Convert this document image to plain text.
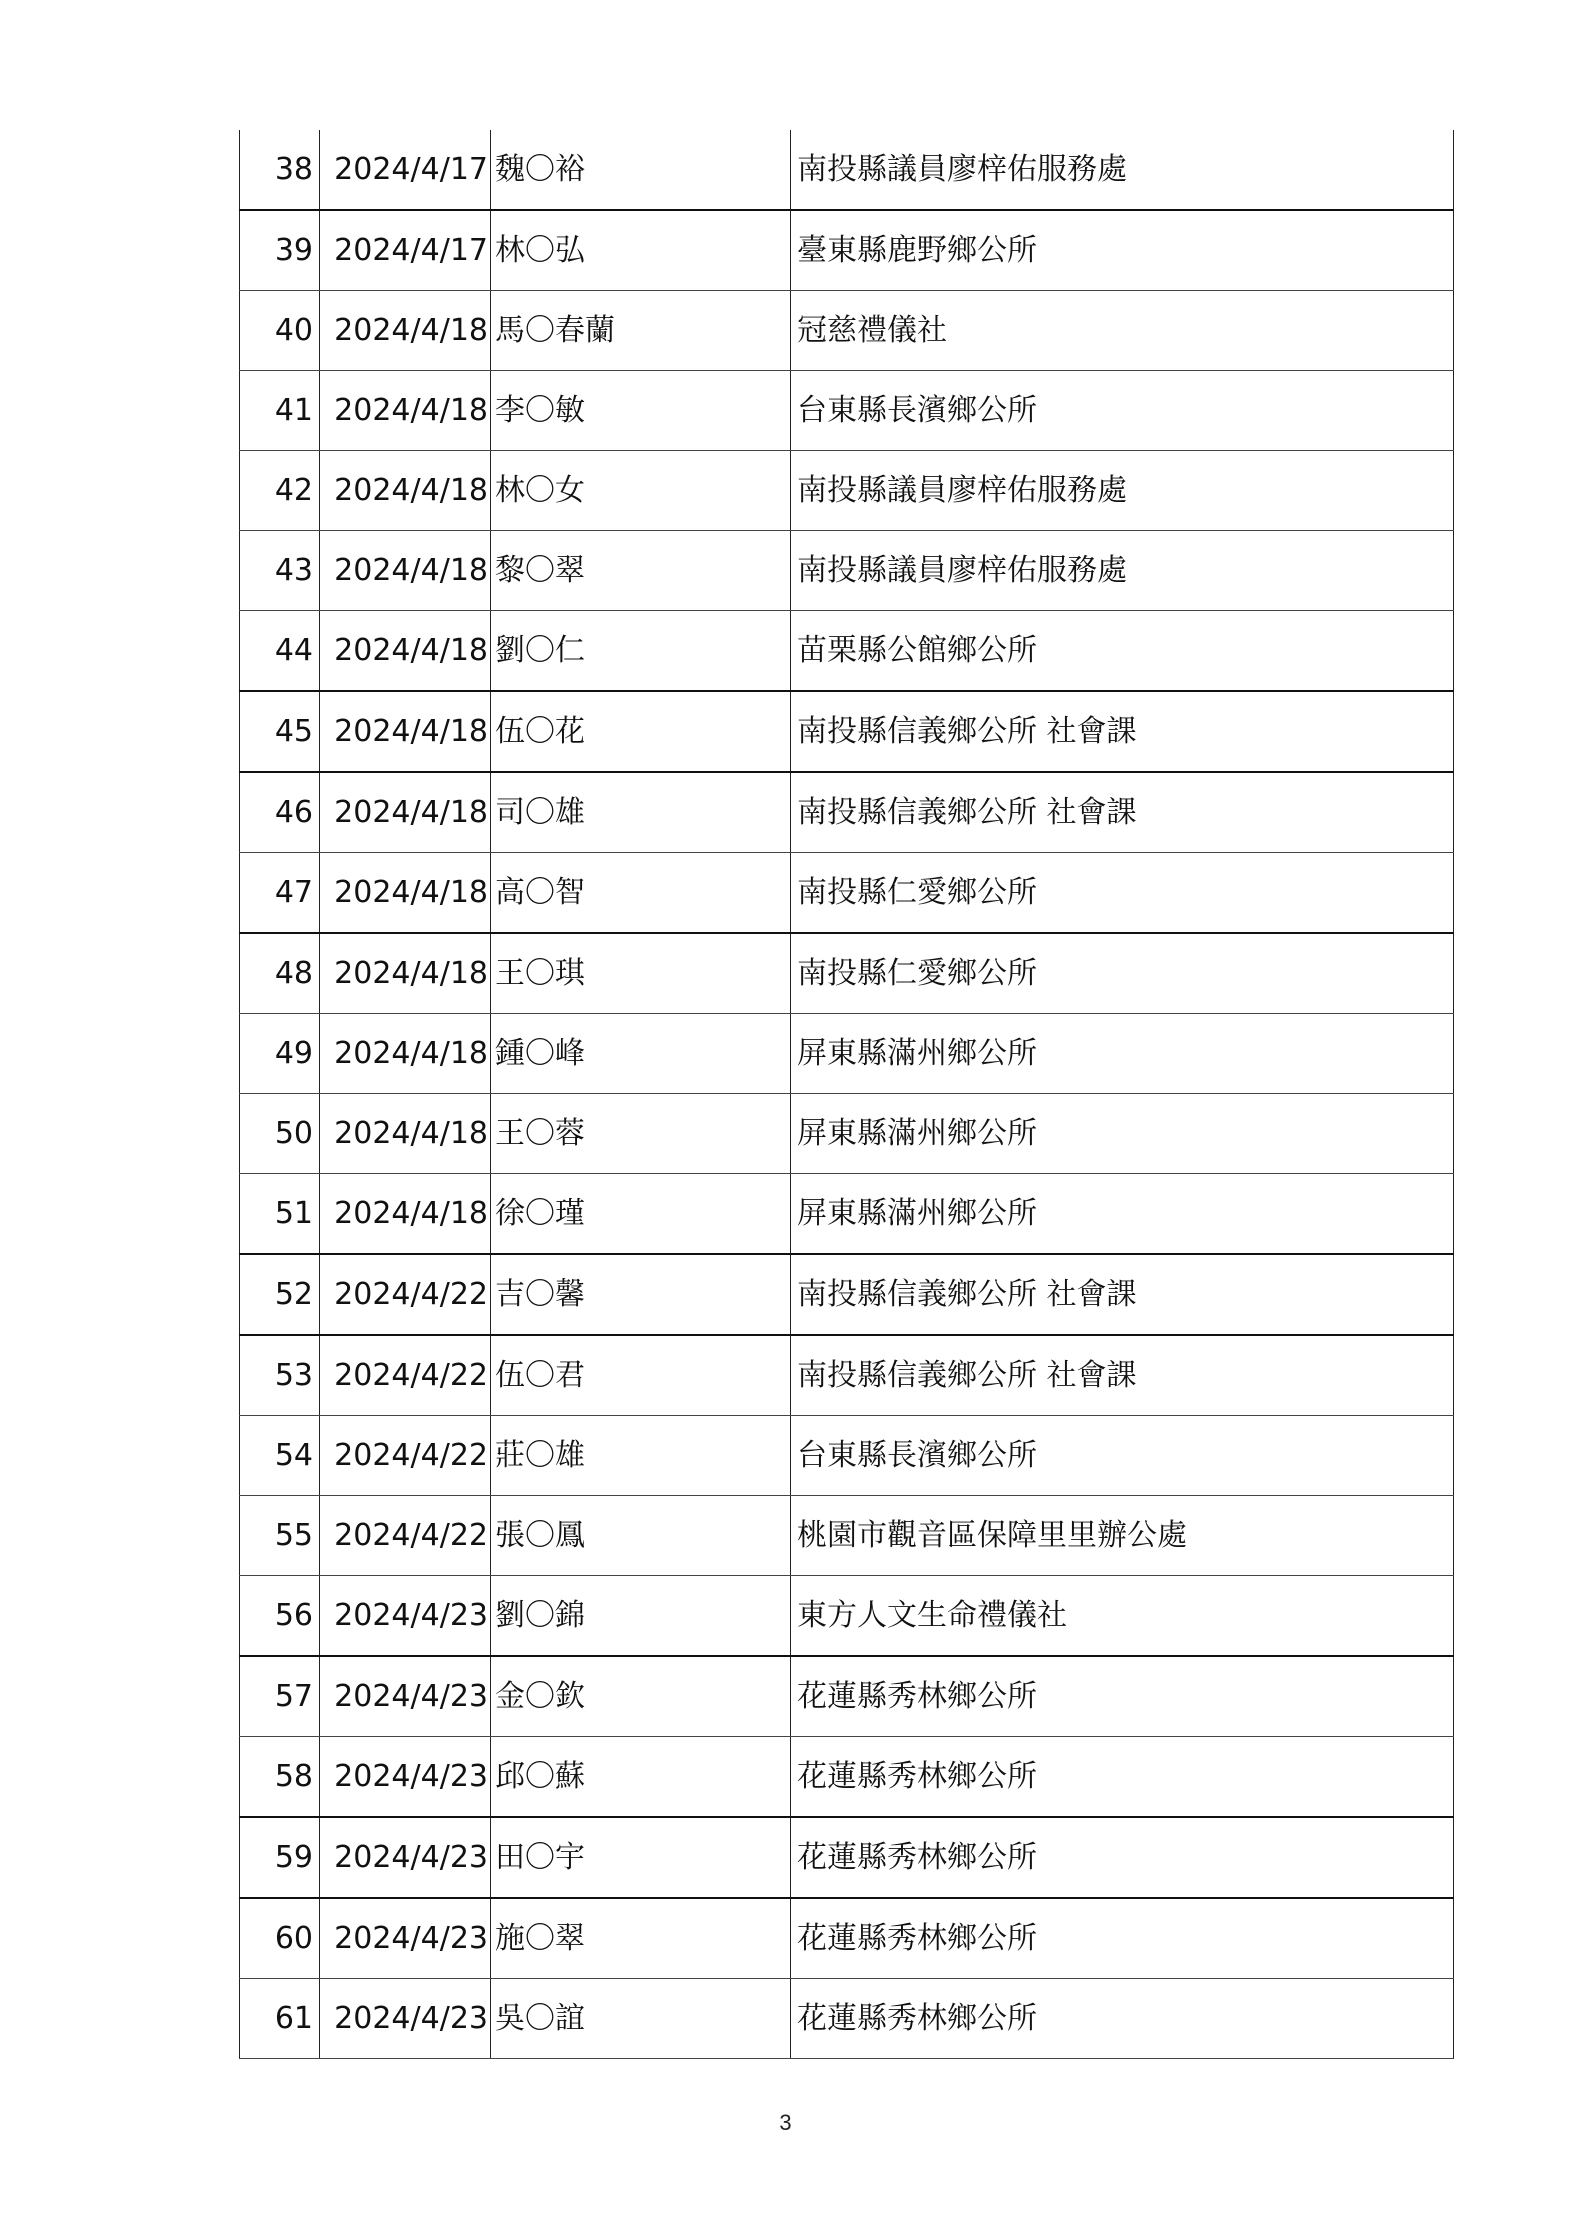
38	2024/4/17	魏〇裕	南投縣議員廖梓佑服務處
39	2024/4/17	林〇弘	臺東縣鹿野鄉公所
40	2024/4/18	馬〇春蘭	冠慈禮儀社
41	2024/4/18	李〇敏	台東縣長濱鄉公所
42	2024/4/18	林〇女	南投縣議員廖梓佑服務處
43	2024/4/18	黎〇翠	南投縣議員廖梓佑服務處
44	2024/4/18	劉〇仁	苗栗縣公館鄉公所
45	2024/4/18	伍〇花	南投縣信義鄉公所 社會課
46	2024/4/18	司〇雄	南投縣信義鄉公所 社會課
47	2024/4/18	高〇智	南投縣仁愛鄉公所
48	2024/4/18	王〇琪	南投縣仁愛鄉公所
49	2024/4/18	鍾〇峰	屏東縣滿州鄉公所
50	2024/4/18	王〇蓉	屏東縣滿州鄉公所
51	2024/4/18	徐〇瑾	屏東縣滿州鄉公所
52	2024/4/22	吉〇馨	南投縣信義鄉公所 社會課
53	2024/4/22	伍〇君	南投縣信義鄉公所 社會課
54	2024/4/22	莊〇雄	台東縣長濱鄉公所
55	2024/4/22	張〇鳳	桃園市觀音區保障里里辦公處
56	2024/4/23	劉〇錦	東方人文生命禮儀社
57	2024/4/23	金〇欽	花蓮縣秀林鄉公所
58	2024/4/23	邱〇蘇	花蓮縣秀林鄉公所
59	2024/4/23	田〇宇	花蓮縣秀林鄉公所
60	2024/4/23	施〇翠	花蓮縣秀林鄉公所
61	2024/4/23	吳〇誼	花蓮縣秀林鄉公所
3
